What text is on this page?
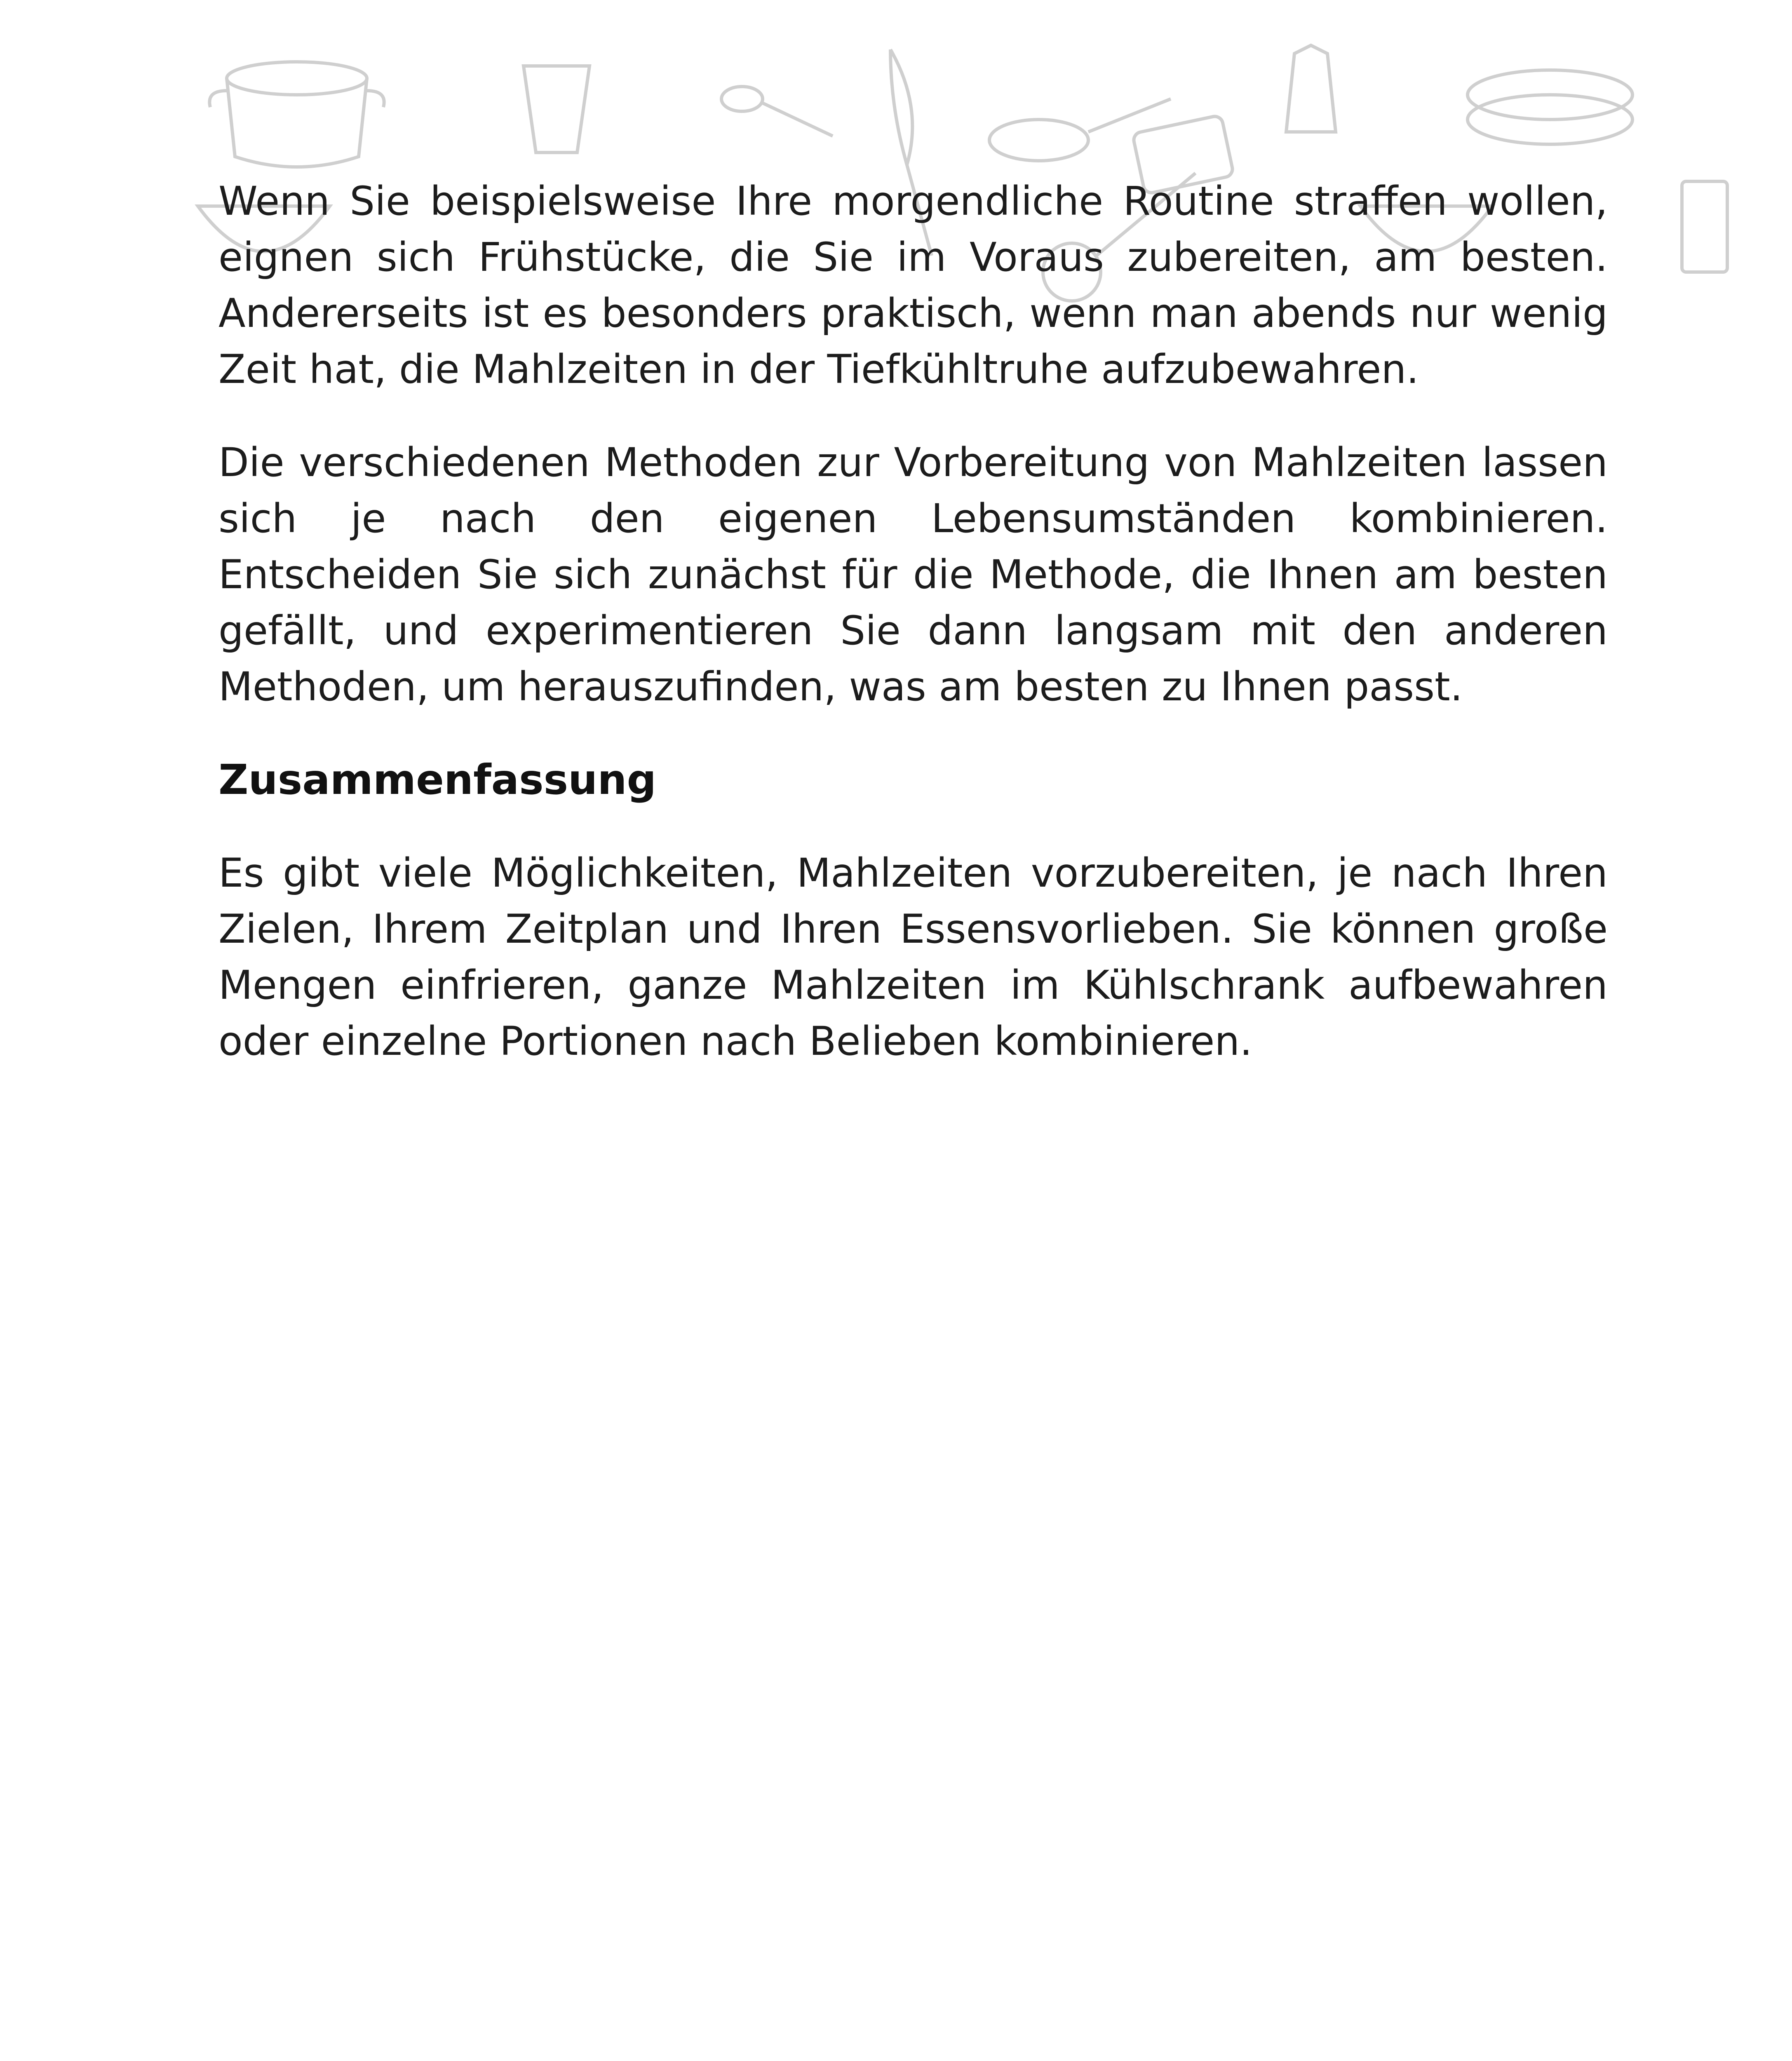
Wenn Sie beispielsweise Ihre morgendliche Routine straffen wollen, eignen sich Frühstücke, die Sie im Voraus zubereiten, am besten. Andererseits ist es besonders praktisch, wenn man abends nur wenig Zeit hat, die Mahlzeiten in der Tiefkühltruhe aufzubewahren.

Die verschiedenen Methoden zur Vorbereitung von Mahlzeiten lassen sich je nach den eigenen Lebensumständen kombinieren. Entscheiden Sie sich zunächst für die Methode, die Ihnen am besten gefällt, und experimentieren Sie dann langsam mit den anderen Methoden, um herauszufinden, was am besten zu Ihnen passt.

Zusammenfassung

Es gibt viele Möglichkeiten, Mahlzeiten vorzubereiten, je nach Ihren Zielen, Ihrem Zeitplan und Ihren Essensvorlieben. Sie können große Mengen einfrieren, ganze Mahlzeiten im Kühlschrank aufbewahren oder einzelne Portionen nach Belieben kombinieren.
